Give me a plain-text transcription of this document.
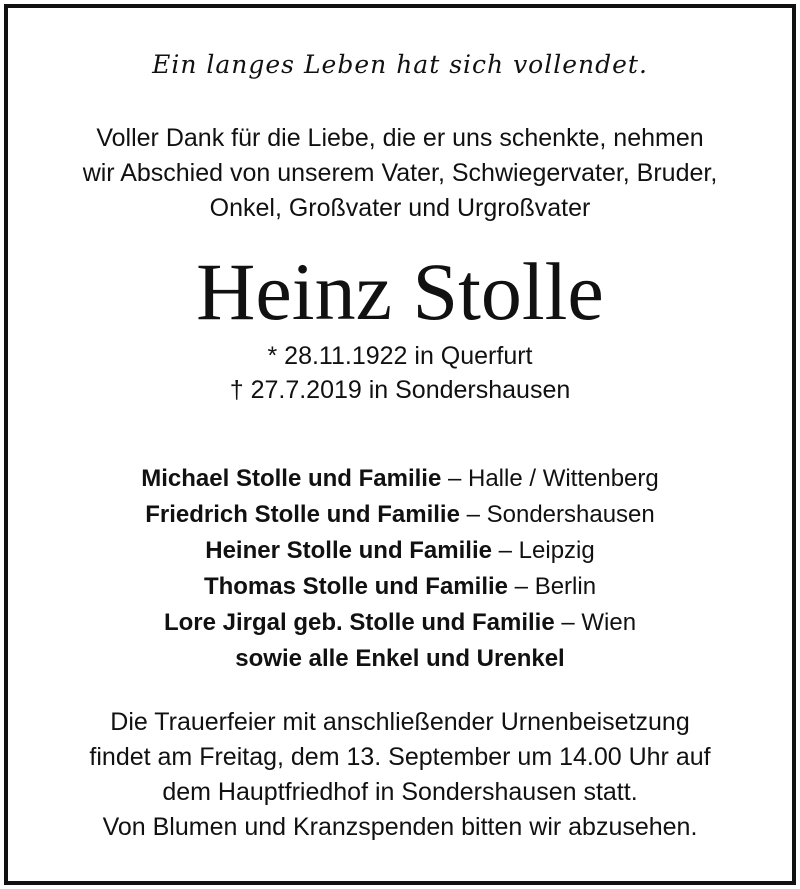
Ein langes Leben hat sich vollendet.
Voller Dank für die Liebe, die er uns schenkte, nehmen
wir Abschied von unserem Vater, Schwiegervater, Bruder,
Onkel, Großvater und Urgroßvater
Heinz Stolle
* 28.11.1922 in Querfurt
† 27.7.2019 in Sondershausen
Michael Stolle und Familie – Halle / Wittenberg
Friedrich Stolle und Familie – Sondershausen
Heiner Stolle und Familie – Leipzig
Thomas Stolle und Familie – Berlin
Lore Jirgal geb. Stolle und Familie – Wien
sowie alle Enkel und Urenkel
Die Trauerfeier mit anschließender Urnenbeisetzung
findet am Freitag, dem 13. September um 14.00 Uhr auf
dem Hauptfriedhof in Sondershausen statt.
Von Blumen und Kranzspenden bitten wir abzusehen.
